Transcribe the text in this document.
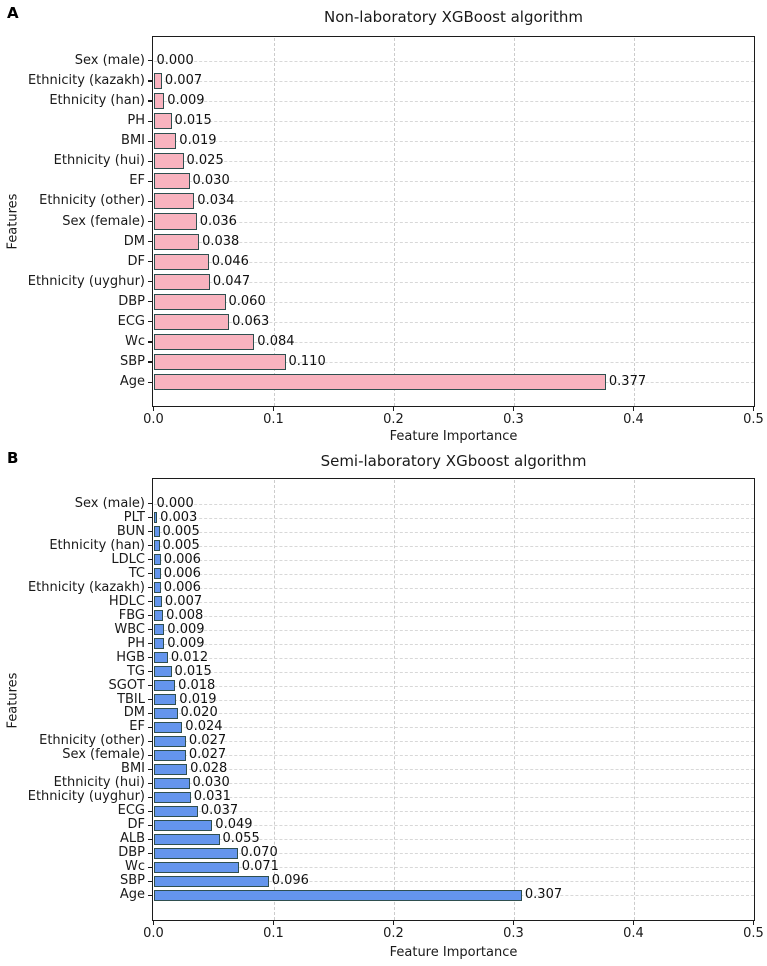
A	Non-laboratory XGBoost algorithm
Features
Feature Importance
B	Semi-laboratory XGboost algorithm
Features
Feature Importance
Sex (male) 0.000
Ethnicity (kazakh) 0.007
Ethnicity (han) 0.009
PH 0.015
BMI	0.019
Ethnicity (hui)	0.025
EF	0.030
Ethnicity (other)	0.034
Sex (female)	0.036
DM	0.038
DF	0.046
Ethnicity (uyghur)	0.047
DBP	0.060
ECG	0.063
Wc	0.084
SBP	0.110
Age	0.377
0.0	0.1	0.2	0.3	0.4	0.5
Sex (male) 0.000
PLT 0.003
BUN 0.005
Ethnicity (han) 0.005
LDLC 0.006
TC 0.006
Ethnicity (kazakh) 0.006
HDLC 0.007
FBG 0.008
WBC 0.009
PH 0.009
HGB 0.012
TG 0.015
SGOT	0.018
TBIL	0.019
DM	0.020
EF	0.024
Ethnicity (other)	0.027
Sex (female)	0.027
BMI	0.028
Ethnicity (hui)	0.030
Ethnicity (uyghur)	0.031
ECG	0.037
DF	0.049
ALB	0.055
DBP	0.070
Wc	0.071
SBP	0.096
Age	0.307
0.0	0.1	0.2	0.3	0.4	0.5
